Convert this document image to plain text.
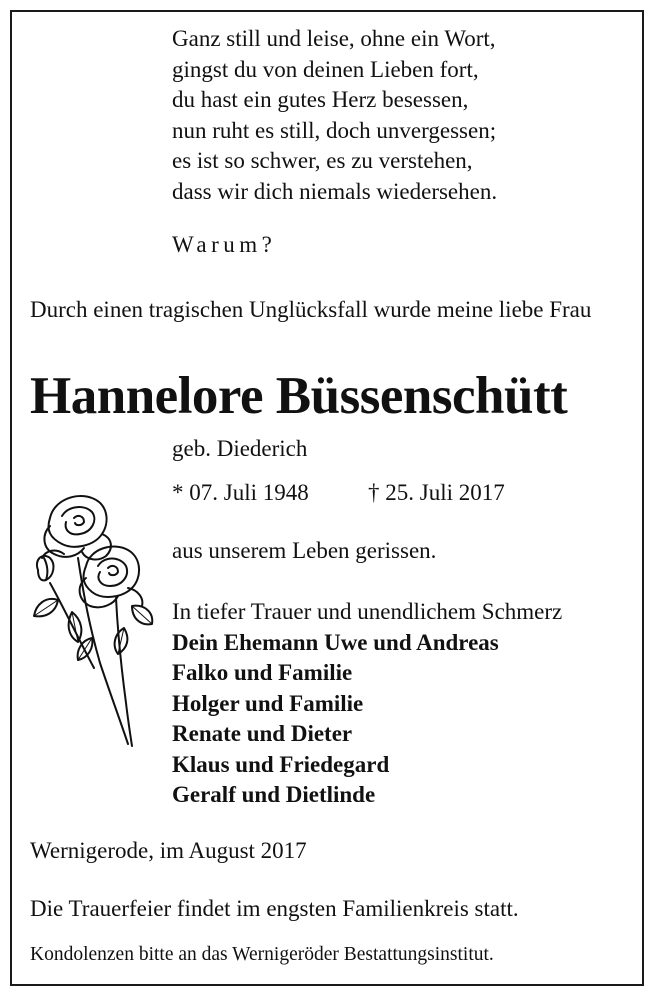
Ganz still und leise, ohne ein Wort,
gingst du von deinen Lieben fort,
du hast ein gutes Herz besessen,
nun ruht es still, doch unvergessen;
es ist so schwer, es zu verstehen,
dass wir dich niemals wiedersehen.
Warum?
Durch einen tragischen Unglücksfall wurde meine liebe Frau
Hannelore Büssenschütt
geb. Diederich
* 07. Juli 1948	† 25. Juli 2017
aus unserem Leben gerissen.
In tiefer Trauer und unendlichem Schmerz
Dein Ehemann Uwe und Andreas
Falko und Familie
Holger und Familie
Renate und Dieter
Klaus und Friedegard
Geralf und Dietlinde
Wernigerode, im August 2017
Die Trauerfeier findet im engsten Familienkreis statt.
Kondolenzen bitte an das Wernigeröder Bestattungsinstitut.
